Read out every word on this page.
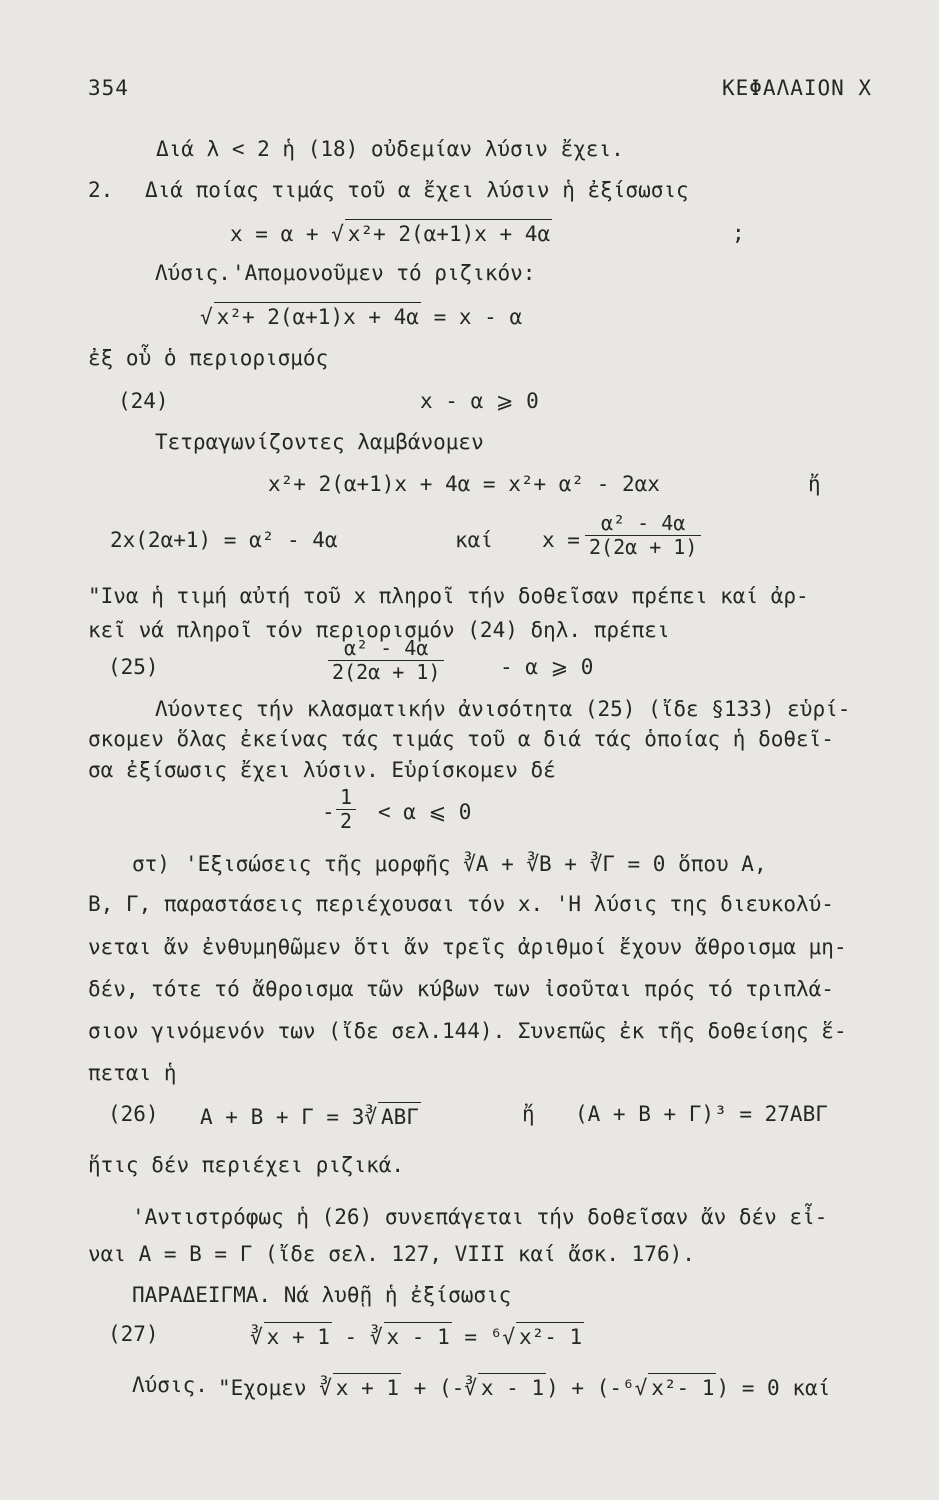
354	ΚΕΦΑΛΑΙΟΝ Χ
Διά λ < 2 ἡ (18) οὐδεμίαν λύσιν ἔχει.
2. Διά ποίας τιμάς τοῦ α ἔχει λύσιν ἡ ἐξίσωσις
x = α + √ x²+ 2(α+1)x + 4α	;
Λύσις. 'Απομονοῦμεν τό ριζικόν:
√ x²+ 2(α+1)x + 4α = x - α
ἐξ οὗ ὁ περιορισμός
(24)	x - α ⩾ 0
Τετραγωνίζοντες λαμβάνομεν
x²+ 2(α+1)x + 4α = x²+ α² - 2αx	ἤ
2x(2α+1) = α² - 4α	καί $x = \frac{\text{α² - 4α}}{2(2\alpha + 1)}$
"Ινα ἡ τιμή αὐτή τοῦ x πληροῖ τήν δοθεῖσαν πρέπει καί ἀρ-
κεῖ νά πληροῖ τόν περιορισμόν (24) δηλ. πρέπει
(25)	$\frac{\text{α² - 4α}}{2(2\alpha + 1)}$	- α ⩾ 0
Λύοντες τήν κλασματικήν ἀνισότητα (25) (ἴδε §133) εὑρί-
σκομεν ὅλας ἐκείνας τάς τιμάς τοῦ α διά τάς ὁποίας ἡ δοθεῖ-
σα ἐξίσωσις ἔχει λύσιν. Εὑρίσκομεν δέ
- $\frac{1}{2} < \alpha$ ⩽ 0
στ) 'Εξισώσεις τῆς μορφῆς ∛A + ∛B + ∛Γ = 0 ὅπου A,
B, Γ, παραστάσεις περιέχουσαι τόν x. 'Η λύσις της διευκολύ-
νεται ἄν ἐνθυμηθῶμεν ὅτι ἄν τρεῖς ἀριθμοί ἔχουν ἄθροισμα μη-
δέν, τότε τό ἄθροισμα τῶν κύβων των ἰσοῦται πρός τό τριπλά-
σιον γινόμενόν των (ἴδε σελ.144). Συνεπῶς ἐκ τῆς δοθείσης ἕ-
πεται ἡ
(26) A + B + Γ = 3∛ ΑΒΓ	ἤ (A + B + Γ)³ = 27ΑΒΓ
ἥτις δέν περιέχει ριζικά.
'Αντιστρόφως ἡ (26) συνεπάγεται τήν δοθεῖσαν ἄν δέν εἶ-
ναι A = B = Γ (ἴδε σελ. 127, VIII καί ἄσκ. 176).
ΠΑΡΑΔΕΙΓΜΑ. Νά λυθῇ ἡ ἐξίσωσις
(27)	∛ x + 1 - ∛ x - 1 = ⁶√ x²- 1
Λύσις. "Εχομεν ∛ x + 1 + (-∛ x - 1) + (-⁶√ x²- 1) = 0 καί
